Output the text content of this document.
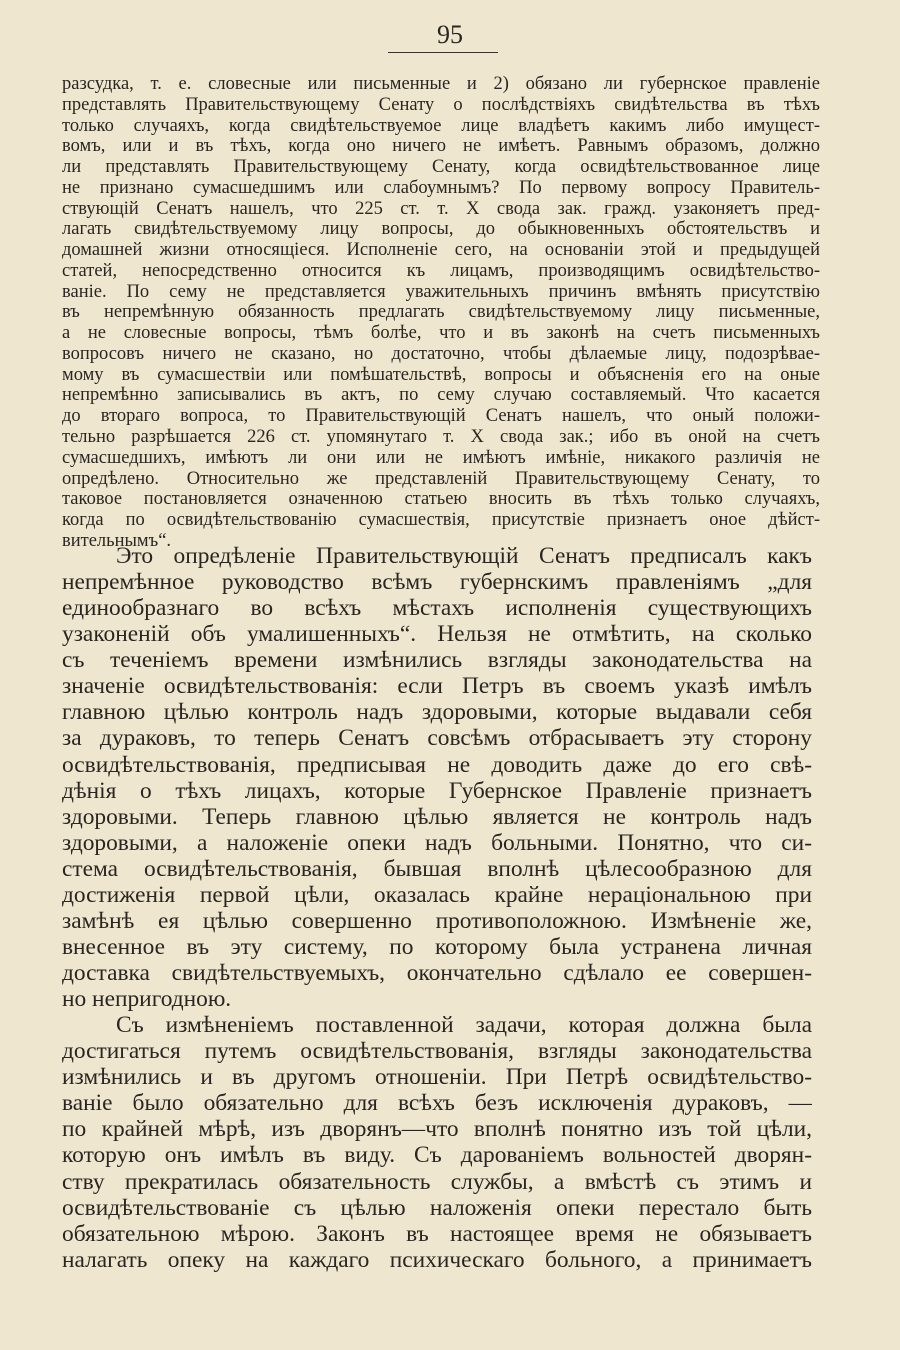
95
разсудка, т. е. словесные или письменные и 2) обязано ли губернское правленіе
представлять Правительствующему Сенату о послѣдствіяхъ свидѣтельства въ тѣхъ
только случаяхъ, когда свидѣтельствуемое лице владѣетъ какимъ либо имущест-
вомъ, или и въ тѣхъ, когда оно ничего не имѣетъ. Равнымъ образомъ, должно
ли представлять Правительствующему Сенату, когда освидѣтельствованное лице
не признано сумасшедшимъ или слабоумнымъ? По первому вопросу Правитель-
ствующій Сенатъ нашелъ, что 225 ст. т. X свода зак. гражд. узаконяетъ пред-
лагать свидѣтельствуемому лицу вопросы, до обыкновенныхъ обстоятельствъ и
домашней жизни относящіеся. Исполненіе сего, на основаніи этой и предыдущей
статей, непосредственно относится къ лицамъ, производящимъ освидѣтельство-
ваніе. По сему не представляется уважительныхъ причинъ вмѣнять присутствію
въ непремѣнную обязанность предлагать свидѣтельствуемому лицу письменные,
а не словесные вопросы, тѣмъ болѣе, что и въ законѣ на счетъ письменныхъ
вопросовъ ничего не сказано, но достаточно, чтобы дѣлаемые лицу, подозрѣвае-
мому въ сумасшествіи или помѣшательствѣ, вопросы и объясненія его на оные
непремѣнно записывались въ актъ, по сему случаю составляемый. Что касается
до втораго вопроса, то Правительствующій Сенатъ нашелъ, что оный положи-
тельно разрѣшается 226 ст. упомянутаго т. X свода зак.; ибо въ оной на счетъ
сумасшедшихъ, имѣютъ ли они или не имѣютъ имѣніе, никакого различія не
опредѣлено. Относительно же представленій Правительствующему Сенату, то
таковое постановляется означенною статьею вносить въ тѣхъ только случаяхъ,
когда по освидѣтельствованію сумасшествія, присутствіе признаетъ оное дѣйст-
вительнымъ“.
Это опредѣленіе Правительствующій Сенатъ предписалъ какъ
непремѣнное руководство всѣмъ губернскимъ правленіямъ „для
единообразнаго во всѣхъ мѣстахъ исполненія существующихъ
узаконеній объ умалишенныхъ“. Нельзя не отмѣтить, на сколько
съ теченіемъ времени измѣнились взгляды законодательства на
значеніе освидѣтельствованія: если Петръ въ своемъ указѣ имѣлъ
главною цѣлью контроль надъ здоровыми, которые выдавали себя
за дураковъ, то теперь Сенатъ совсѣмъ отбрасываетъ эту сторону
освидѣтельствованія, предписывая не доводить даже до его свѣ-
дѣнія о тѣхъ лицахъ, которые Губернское Правленіе признаетъ
здоровыми. Теперь главною цѣлью является не контроль надъ
здоровыми, а наложеніе опеки надъ больными. Понятно, что си-
стема освидѣтельствованія, бывшая вполнѣ цѣлесообразною для
достиженія первой цѣли, оказалась крайне нераціональною при
замѣнѣ ея цѣлью совершенно противоположною. Измѣненіе же,
внесенное въ эту систему, по которому была устранена личная
доставка свидѣтельствуемыхъ, окончательно сдѣлало ее совершен-
но непригодною.
Съ измѣненіемъ поставленной задачи, которая должна была
достигаться путемъ освидѣтельствованія, взгляды законодательства
измѣнились и въ другомъ отношеніи. При Петрѣ освидѣтельство-
ваніе было обязательно для всѣхъ безъ исключенія дураковъ, —
по крайней мѣрѣ, изъ дворянъ—что вполнѣ понятно изъ той цѣли,
которую онъ имѣлъ въ виду. Съ дарованіемъ вольностей дворян-
ству прекратилась обязательность службы, а вмѣстѣ съ этимъ и
освидѣтельствованіе съ цѣлью наложенія опеки перестало быть
обязательною мѣрою. Законъ въ настоящее время не обязываетъ
налагать опеку на каждаго психическаго больного, а принимаетъ
